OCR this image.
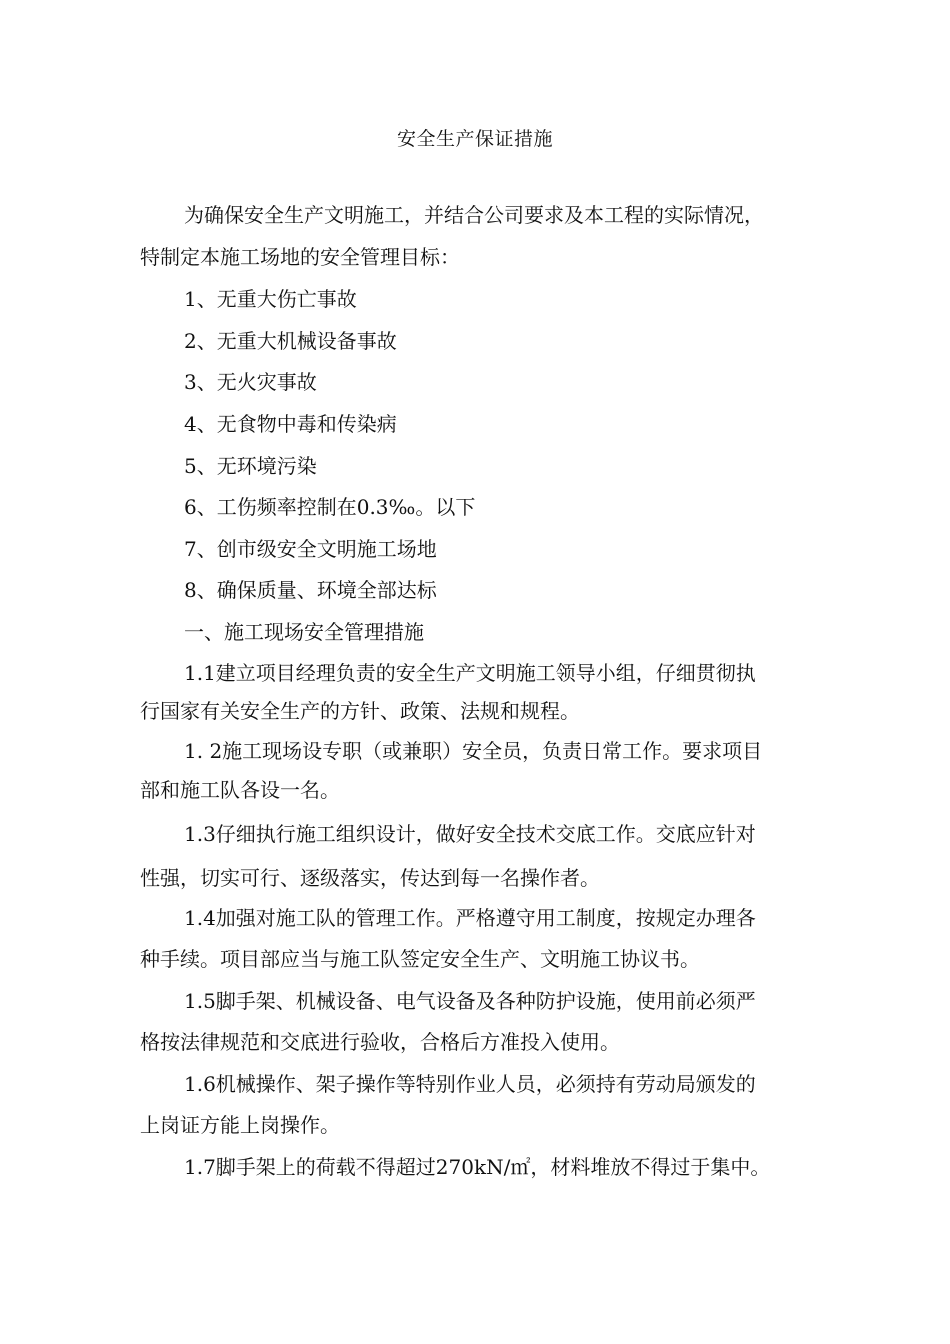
安全生产保证措施
为确保安全生产文明施工，并结合公司要求及本工程的实际情况，
特制定本施工场地的安全管理目标：
1、无重大伤亡事故
2、无重大机械设备事故
3、无火灾事故
4、无食物中毒和传染病
5、无环境污染
6、工伤频率控制在0.3‰。以下
7、创市级安全文明施工场地
8、确保质量、环境全部达标
一、施工现场安全管理措施
1.1建立项目经理负责的安全生产文明施工领导小组，仔细贯彻执
行国家有关安全生产的方针、政策、法规和规程。
1. 2施工现场设专职（或兼职）安全员，负责日常工作。要求项目
部和施工队各设一名。
1.3仔细执行施工组织设计，做好安全技术交底工作。交底应针对
性强，切实可行、逐级落实，传达到每一名操作者。
1.4加强对施工队的管理工作。严格遵守用工制度，按规定办理各
种手续。项目部应当与施工队签定安全生产、文明施工协议书。
1.5脚手架、机械设备、电气设备及各种防护设施，使用前必须严
格按法律规范和交底进行验收，合格后方准投入使用。
1.6机械操作、架子操作等特别作业人员，必须持有劳动局颁发的
上岗证方能上岗操作。
1.7脚手架上的荷载不得超过270kN/㎡，材料堆放不得过于集中。
